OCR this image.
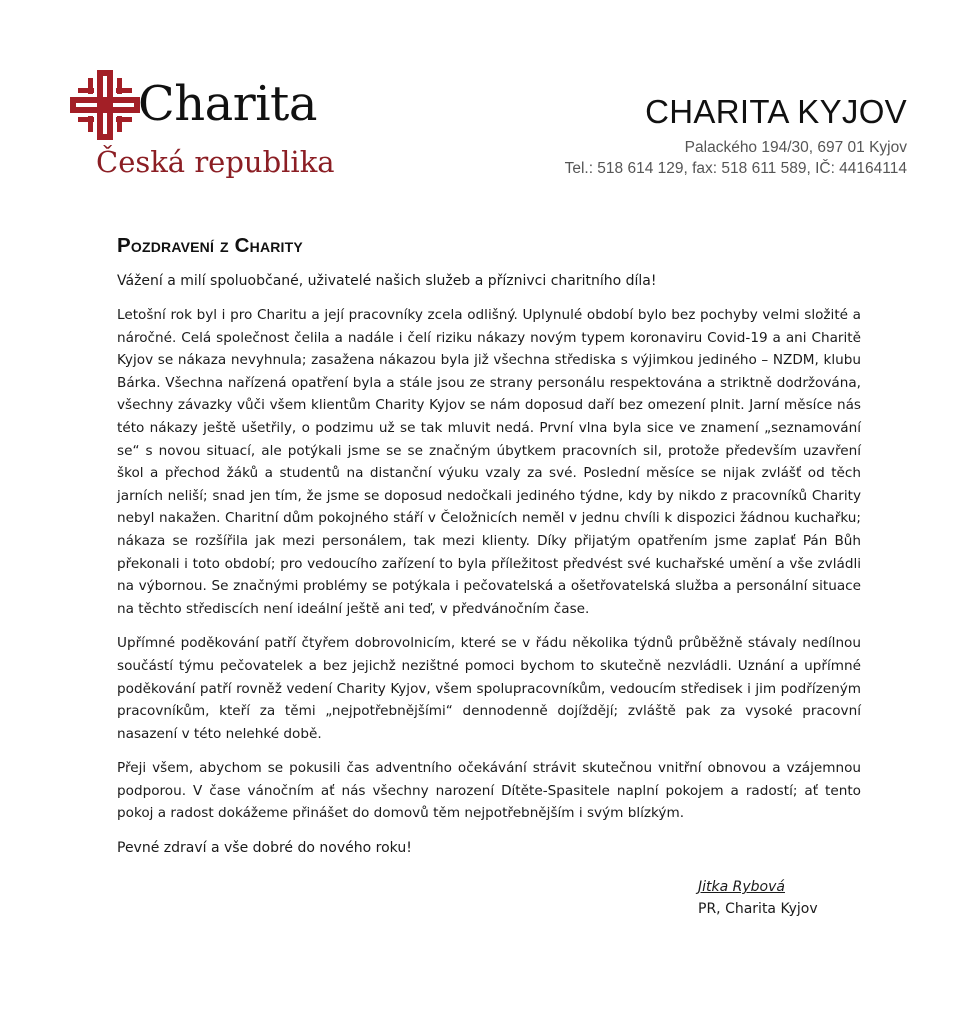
Charita
Česká republika
CHARITA KYJOV
Palackého 194/30, 697 01 Kyjov
Tel.: 518 614 129, fax: 518 611 589, IČ: 44164114
Pozdravení z Charity

Vážení a milí spoluobčané, uživatelé našich služeb a příznivci charitního díla!

Letošní rok byl i pro Charitu a její pracovníky zcela odlišný. Uplynulé období bylo bez pochyby velmi složité a náročné. Celá společnost čelila a nadále i čelí riziku nákazy novým typem koronaviru Covid-19 a ani Charitě Kyjov se nákaza nevyhnula; zasažena nákazou byla již všechna střediska s výjimkou jediného – NZDM, klubu Bárka. Všechna nařízená opatření byla a stále jsou ze strany personálu respektována a striktně dodržována, všechny závazky vůči všem klientům Charity Kyjov se nám doposud daří bez omezení plnit. Jarní měsíce nás této nákazy ještě ušetřily, o podzimu už se tak mluvit nedá. První vlna byla sice ve znamení „seznamování se“ s novou situací, ale potýkali jsme se se značným úbytkem pracovních sil, protože především uzavření škol a přechod žáků a studentů na distanční výuku vzaly za své. Poslední měsíce se nijak zvlášť od těch jarních neliší; snad jen tím, že jsme se doposud nedočkali jediného týdne, kdy by nikdo z pracovníků Charity nebyl nakažen. Charitní dům pokojného stáří v Čeložnicích neměl v jednu chvíli k dispozici žádnou kuchařku; nákaza se rozšířila jak mezi personálem, tak mezi klienty. Díky přijatým opatřením jsme zaplať Pán Bůh překonali i toto období; pro vedoucího zařízení to byla příležitost předvést své kuchařské umění a vše zvládli na výbornou. Se značnými problémy se potýkala i pečovatelská a ošetřovatelská služba a personální situace na těchto střediscích není ideální ještě ani teď, v předvánočním čase.

Upřímné poděkování patří čtyřem dobrovolnicím, které se v řádu několika týdnů průběžně stávaly nedílnou součástí týmu pečovatelek a bez jejichž nezištné pomoci bychom to skutečně nezvládli. Uznání a upřímné poděkování patří rovněž vedení Charity Kyjov, všem spolupracovníkům, vedoucím středisek i jim podřízeným pracovníkům, kteří za těmi „nejpotřebnějšími“ dennodenně dojíždějí; zvláště pak za vysoké pracovní nasazení v této nelehké době.

Přeji všem, abychom se pokusili čas adventního očekávání strávit skutečnou vnitřní obnovou a vzájemnou podporou. V čase vánočním ať nás všechny narození Dítěte-Spasitele naplní pokojem a radostí; ať tento pokoj a radost dokážeme přinášet do domovů těm nejpotřebnějším i svým blízkým.

Pevné zdraví a vše dobré do nového roku!

Jitka Rybová
PR, Charita Kyjov
